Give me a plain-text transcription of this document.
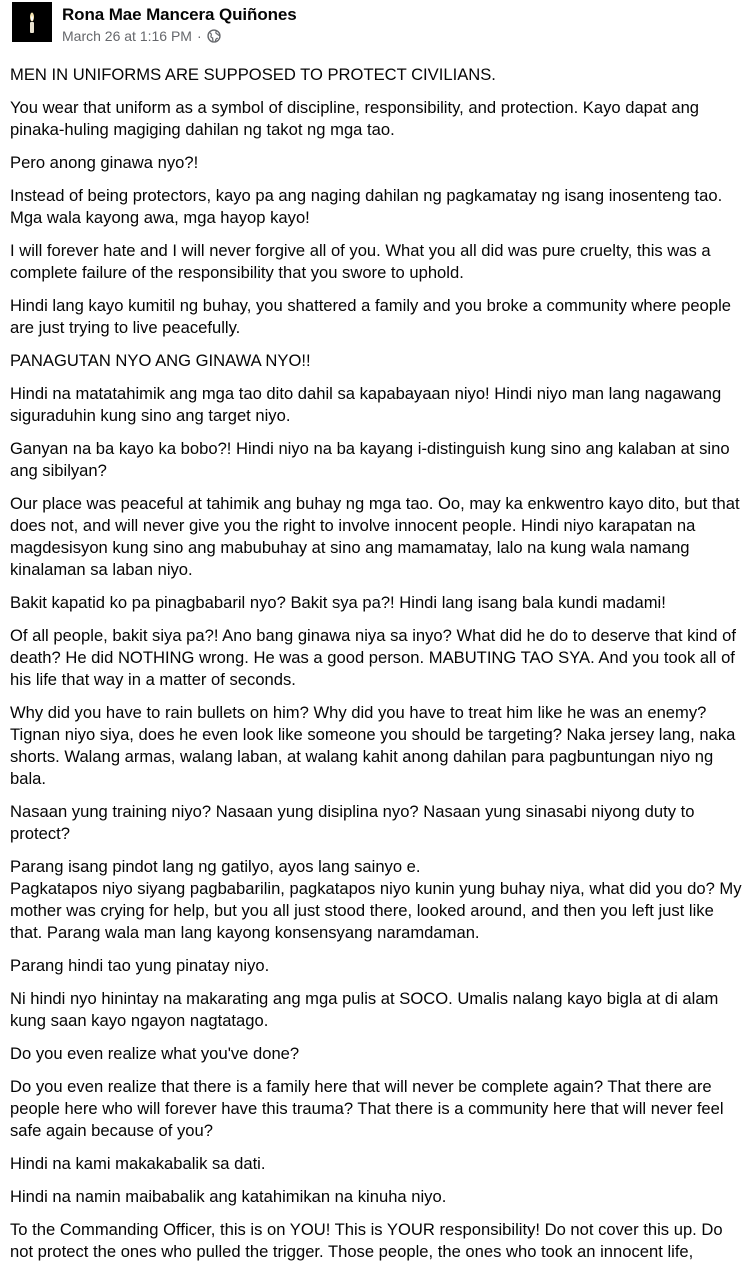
Rona Mae Mancera Quiñones
March 26 at 1:16 PM ·

MEN IN UNIFORMS ARE SUPPOSED TO PROTECT CIVILIANS.

You wear that uniform as a symbol of discipline, responsibility, and protection. Kayo dapat ang pinaka-huling magiging dahilan ng takot ng mga tao.

Pero anong ginawa nyo?!

Instead of being protectors, kayo pa ang naging dahilan ng pagkamatay ng isang inosenteng tao. Mga wala kayong awa, mga hayop kayo!

I will forever hate and I will never forgive all of you. What you all did was pure cruelty, this was a complete failure of the responsibility that you swore to uphold.

Hindi lang kayo kumitil ng buhay, you shattered a family and you broke a community where people are just trying to live peacefully.

PANAGUTAN NYO ANG GINAWA NYO!!

Hindi na matatahimik ang mga tao dito dahil sa kapabayaan niyo! Hindi niyo man lang nagawang siguraduhin kung sino ang target niyo.

Ganyan na ba kayo ka bobo?! Hindi niyo na ba kayang i-distinguish kung sino ang kalaban at sino ang sibilyan?

Our place was peaceful at tahimik ang buhay ng mga tao. Oo, may ka enkwentro kayo dito, but that does not, and will never give you the right to involve innocent people. Hindi niyo karapatan na magdesisyon kung sino ang mabubuhay at sino ang mamamatay, lalo na kung wala namang kinalaman sa laban niyo.

Bakit kapatid ko pa pinagbabaril nyo? Bakit sya pa?! Hindi lang isang bala kundi madami!

Of all people, bakit siya pa?! Ano bang ginawa niya sa inyo? What did he do to deserve that kind of death? He did NOTHING wrong. He was a good person. MABUTING TAO SYA. And you took all of his life that way in a matter of seconds.

Why did you have to rain bullets on him? Why did you have to treat him like he was an enemy? Tignan niyo siya, does he even look like someone you should be targeting? Naka jersey lang, naka shorts. Walang armas, walang laban, at walang kahit anong dahilan para pagbuntungan niyo ng bala.

Nasaan yung training niyo? Nasaan yung disiplina nyo? Nasaan yung sinasabi niyong duty to protect?

Parang isang pindot lang ng gatilyo, ayos lang sainyo e.
Pagkatapos niyo siyang pagbabarilin, pagkatapos niyo kunin yung buhay niya, what did you do? My mother was crying for help, but you all just stood there, looked around, and then you left just like that. Parang wala man lang kayong konsensyang naramdaman.

Parang hindi tao yung pinatay niyo.

Ni hindi nyo hinintay na makarating ang mga pulis at SOCO. Umalis nalang kayo bigla at di alam kung saan kayo ngayon nagtatago.

Do you even realize what you've done?

Do you even realize that there is a family here that will never be complete again? That there are people here who will forever have this trauma? That there is a community here that will never feel safe again because of you?

Hindi na kami makakabalik sa dati.

Hindi na namin maibabalik ang katahimikan na kinuha niyo.

To the Commanding Officer, this is on YOU! This is YOUR responsibility! Do not cover this up. Do not protect the ones who pulled the trigger. Those people, the ones who took an innocent life,
